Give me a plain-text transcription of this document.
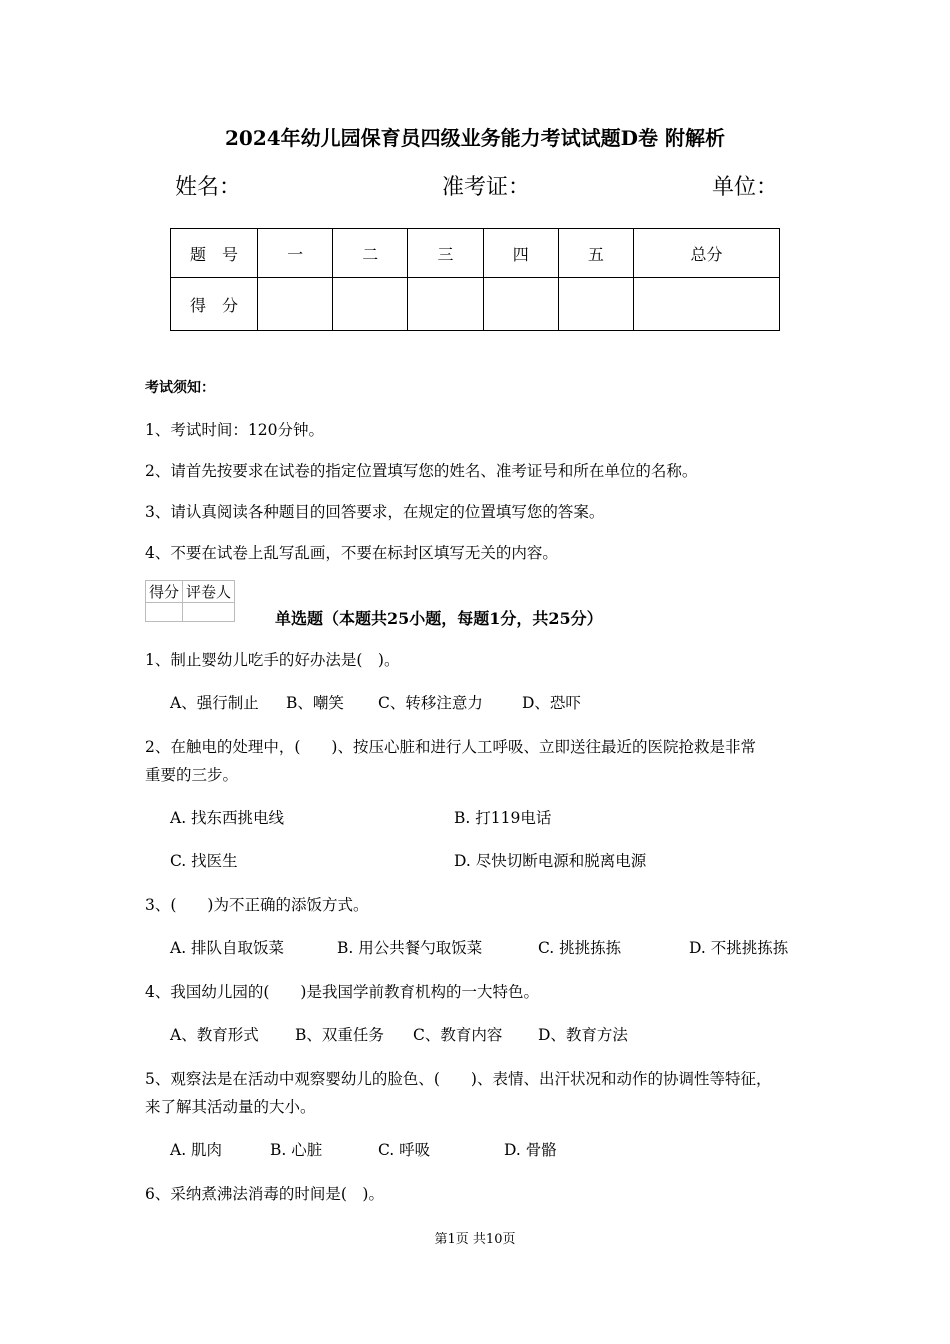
2024年幼儿园保育员四级业务能力考试试题D卷 附解析
姓名：	准考证：	单位：
题　号	一	二	三	四	五	总分
得　分						
考试须知：
1、考试时间：120分钟。
2、请首先按要求在试卷的指定位置填写您的姓名、准考证号和所在单位的名称。
3、请认真阅读各种题目的回答要求，在规定的位置填写您的答案。
4、不要在试卷上乱写乱画，不要在标封区填写无关的内容。
得分	评卷人

单选题（本题共25小题，每题1分，共25分）
1、制止婴幼儿吃手的好办法是(　)。
A、强行制止 B、嘲笑 C、转移注意力	D、恐吓
2、在触电的处理中，(　　)、按压心脏和进行人工呼吸、立即送往最近的医院抢救是非常
重要的三步。
A. 找东西挑电线	B. 打119电话
C. 找医生	D. 尽快切断电源和脱离电源
3、(　　)为不正确的添饭方式。
A. 排队自取饭菜	B. 用公共餐勺取饭菜	C. 挑挑拣拣	D. 不挑挑拣拣
4、我国幼儿园的(　　)是我国学前教育机构的一大特色。
A、教育形式 B、双重任务 C、教育内容 D、教育方法
5、观察法是在活动中观察婴幼儿的脸色、(　　)、表情、出汗状况和动作的协调性等特征，
来了解其活动量的大小。
A. 肌肉	B. 心脏	C. 呼吸	D. 骨骼
6、采纳煮沸法消毒的时间是(　)。
第1页 共10页
